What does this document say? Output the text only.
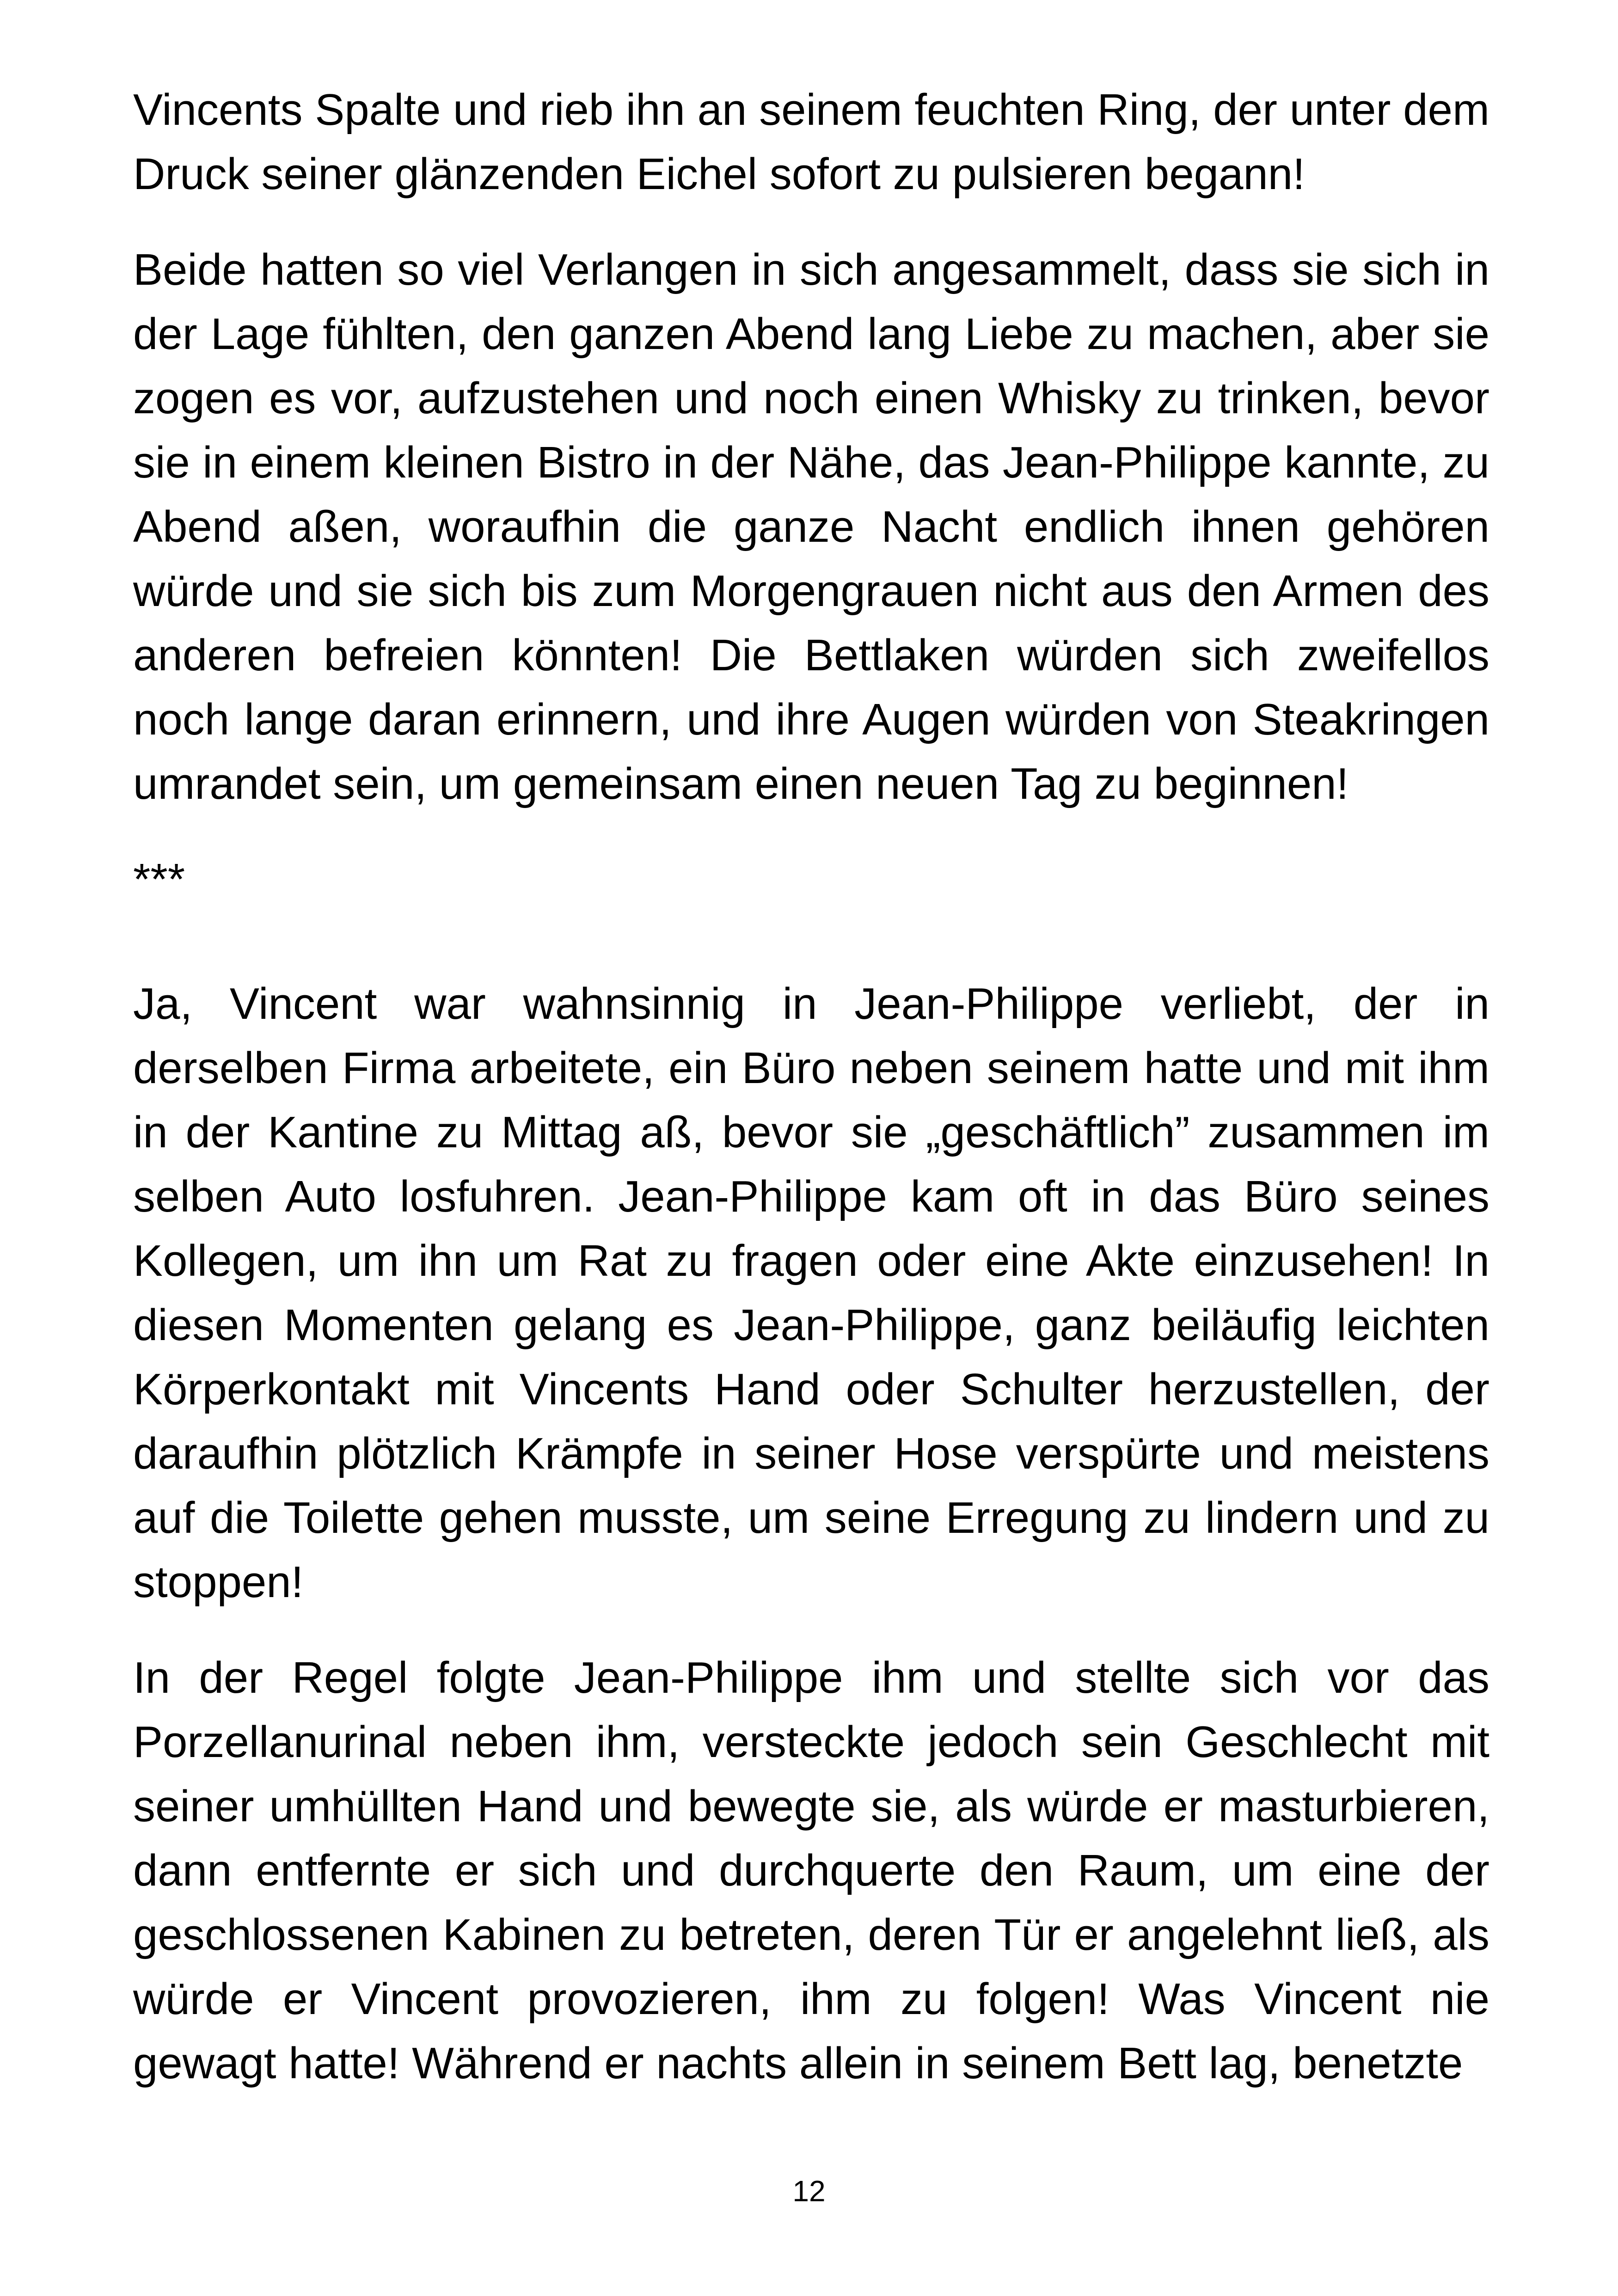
Vincents Spalte und rieb ihn an seinem feuchten Ring, der unter dem Druck seiner glänzenden Eichel sofort zu pulsieren begann!

Beide hatten so viel Verlangen in sich angesammelt, dass sie sich in der Lage fühlten, den ganzen Abend lang Liebe zu machen, aber sie zogen es vor, aufzustehen und noch einen Whisky zu trinken, bevor sie in einem kleinen Bistro in der Nähe, das Jean-Philippe kannte, zu Abend aßen, woraufhin die ganze Nacht endlich ihnen gehören würde und sie sich bis zum Morgengrauen nicht aus den Armen des anderen befreien könnten! Die Bettlaken würden sich zweifellos noch lange daran erinnern, und ihre Augen würden von Steakringen umrandet sein, um gemeinsam einen neuen Tag zu beginnen!

***

Ja, Vincent war wahnsinnig in Jean-Philippe verliebt, der in derselben Firma arbeitete, ein Büro neben seinem hatte und mit ihm in der Kantine zu Mittag aß, bevor sie „geschäftlich” zusammen im selben Auto losfuhren. Jean-Philippe kam oft in das Büro seines Kollegen, um ihn um Rat zu fragen oder eine Akte einzusehen! In diesen Momenten gelang es Jean-Philippe, ganz beiläufig leichten Körperkontakt mit Vincents Hand oder Schulter herzustellen, der daraufhin plötzlich Krämpfe in seiner Hose verspürte und meistens auf die Toilette gehen musste, um seine Erregung zu lindern und zu stoppen!

In der Regel folgte Jean-Philippe ihm und stellte sich vor das Porzellanurinal neben ihm, versteckte jedoch sein Geschlecht mit seiner umhüllten Hand und bewegte sie, als würde er masturbieren, dann entfernte er sich und durchquerte den Raum, um eine der geschlossenen Kabinen zu betreten, deren Tür er angelehnt ließ, als würde er Vincent provozieren, ihm zu folgen! Was Vincent nie gewagt hatte! Während er nachts allein in seinem Bett lag, benetzte

12
